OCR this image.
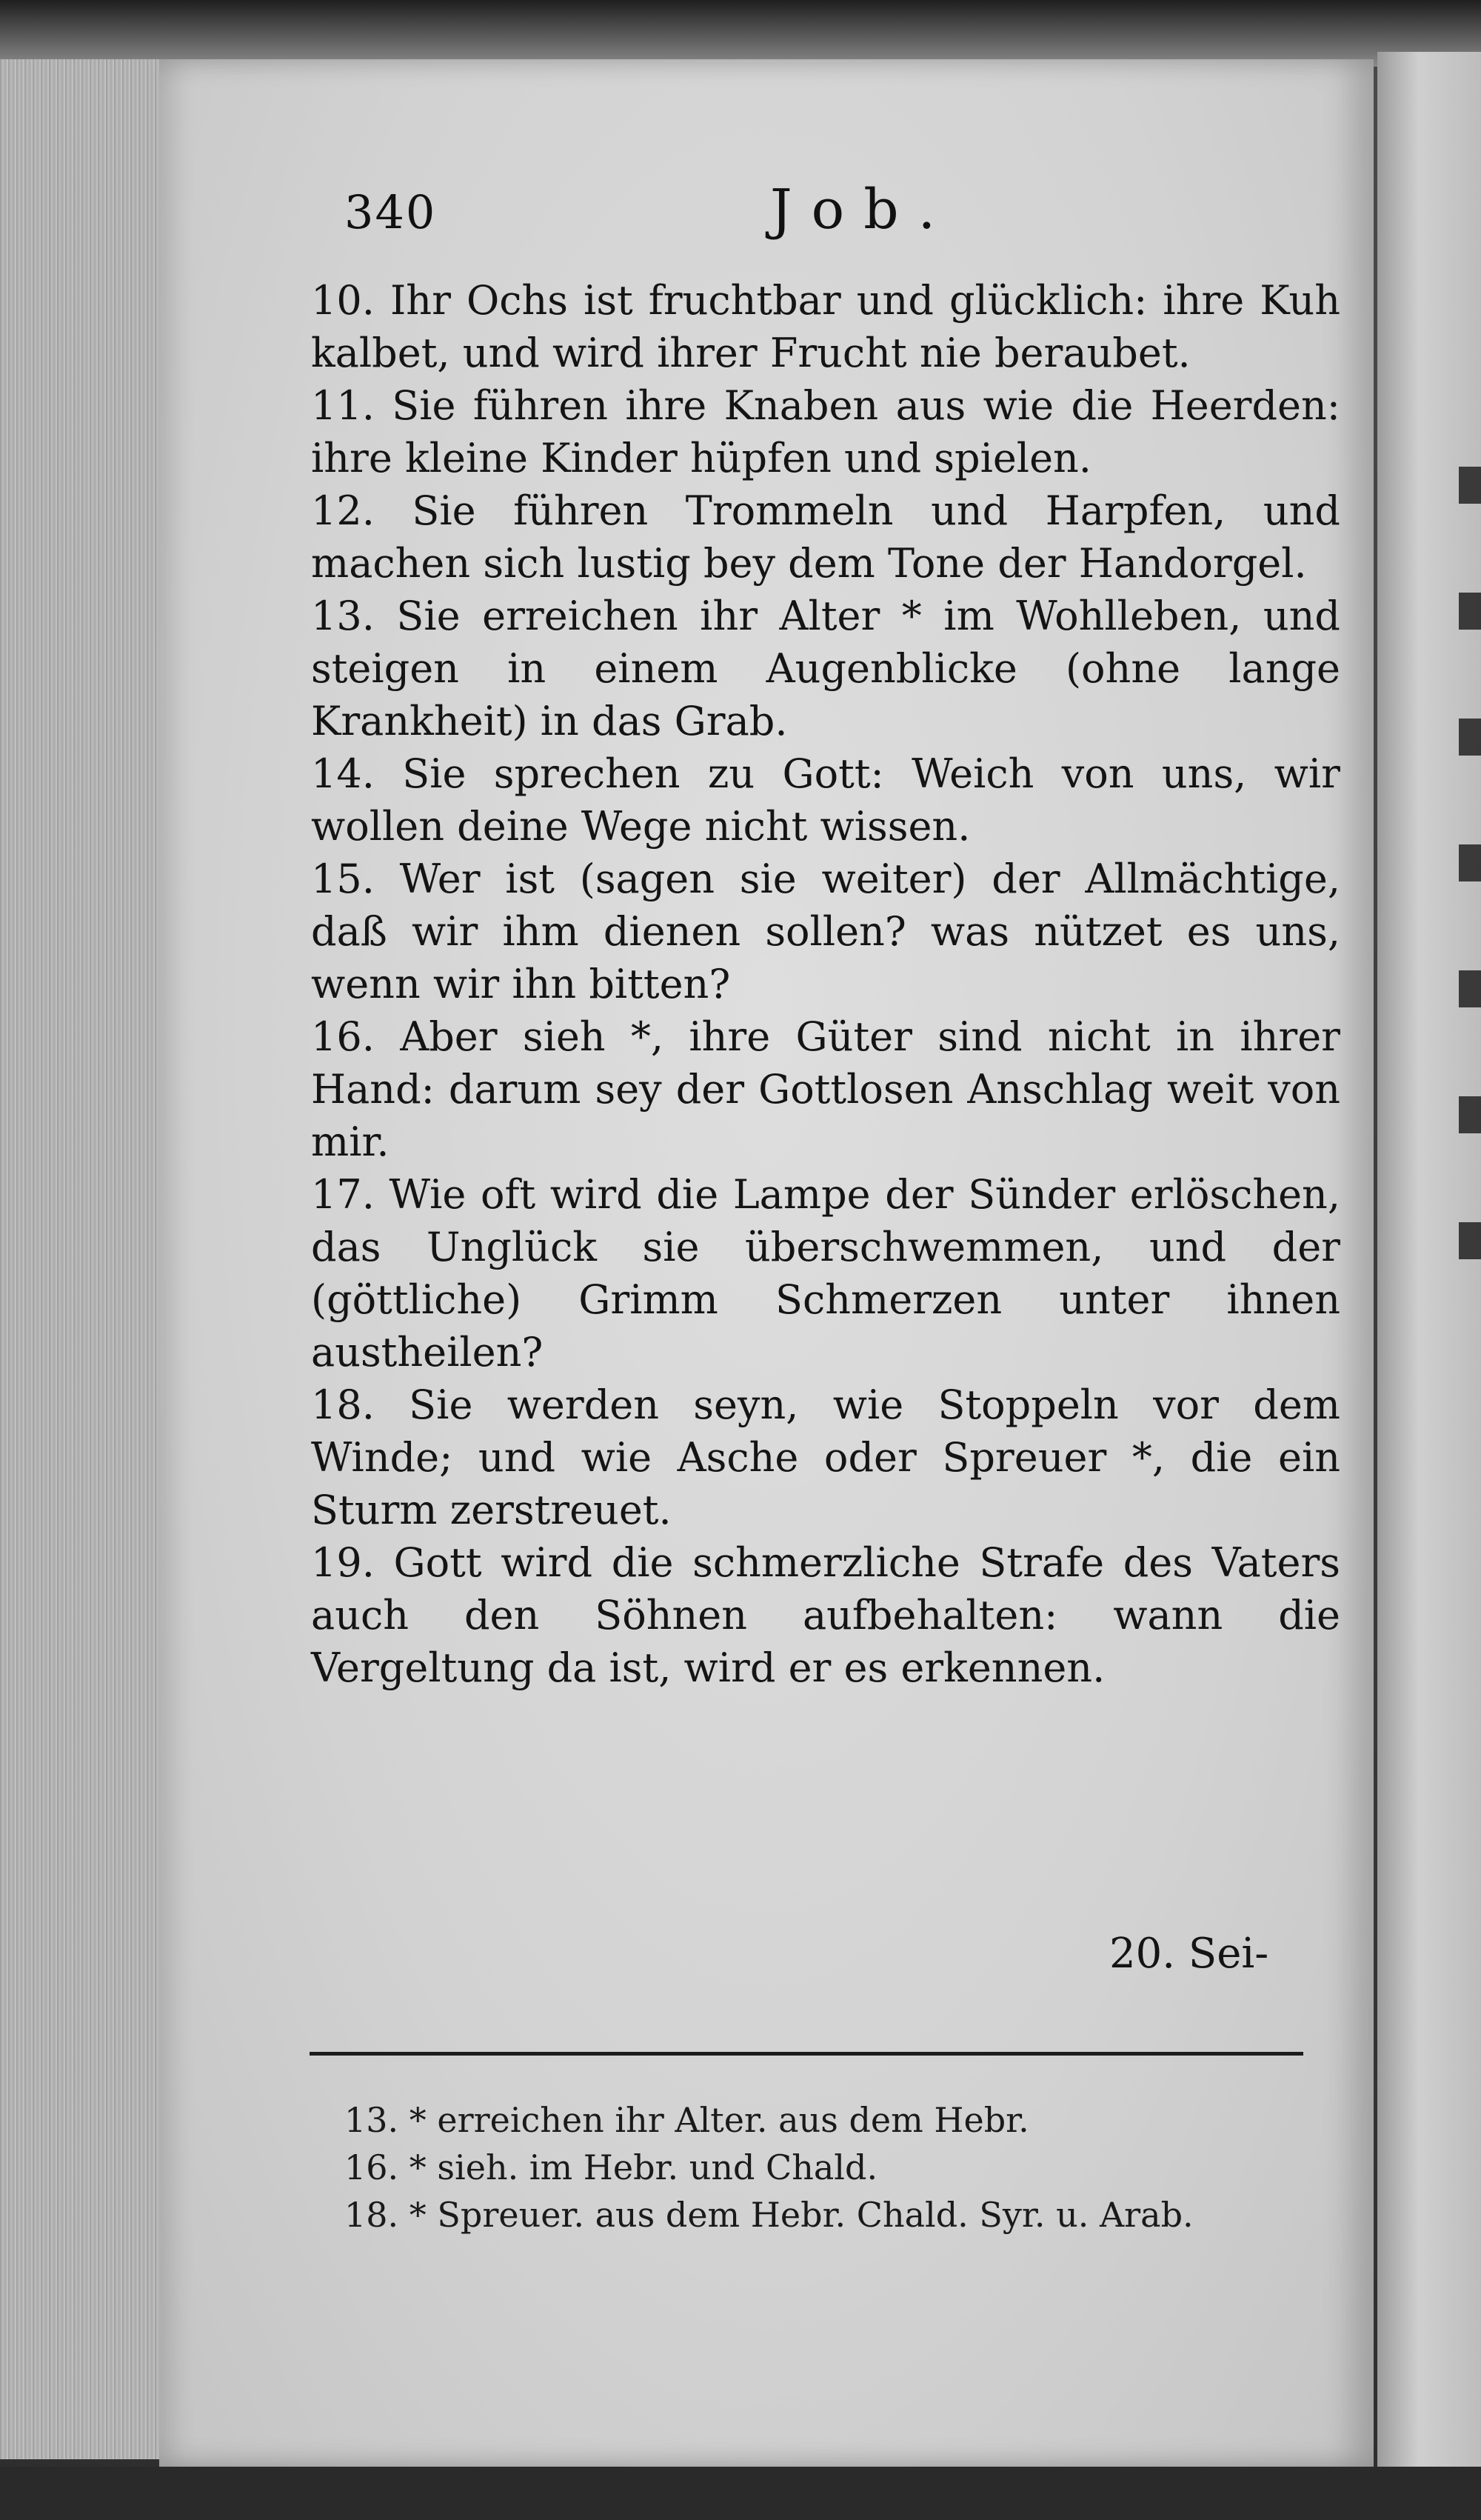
340	Job.

10. Ihr Ochs ist fruchtbar und glücklich: ihre Kuh kalbet, und wird ihrer Frucht nie beraubet.

11. Sie führen ihre Knaben aus wie die Heerden: ihre kleine Kinder hüpfen und spielen.

12. Sie führen Trommeln und Harpfen, und machen sich lustig bey dem Tone der Handorgel.

13. Sie erreichen ihr Alter * im Wohlleben, und steigen in einem Augenblicke (ohne lange Krankheit) in das Grab.

14. Sie sprechen zu Gott: Weich von uns, wir wollen deine Wege nicht wissen.

15. Wer ist (sagen sie weiter) der Allmächtige, daß wir ihm dienen sollen? was nützet es uns, wenn wir ihn bitten?

16. Aber sieh *, ihre Güter sind nicht in ihrer Hand: darum sey der Gottlosen Anschlag weit von mir.

17. Wie oft wird die Lampe der Sünder erlöschen, das Unglück sie überschwemmen, und der (göttliche) Grimm Schmerzen unter ihnen austheilen?

18. Sie werden seyn, wie Stoppeln vor dem Winde; und wie Asche oder Spreuer *, die ein Sturm zerstreuet.

19. Gott wird die schmerzliche Strafe des Vaters auch den Söhnen aufbehalten: wann die Vergeltung da ist, wird er es erkennen.

20. Sei-

13. * erreichen ihr Alter. aus dem Hebr.

16. * sieh. im Hebr. und Chald.

18. * Spreuer. aus dem Hebr. Chald. Syr. u. Arab.
